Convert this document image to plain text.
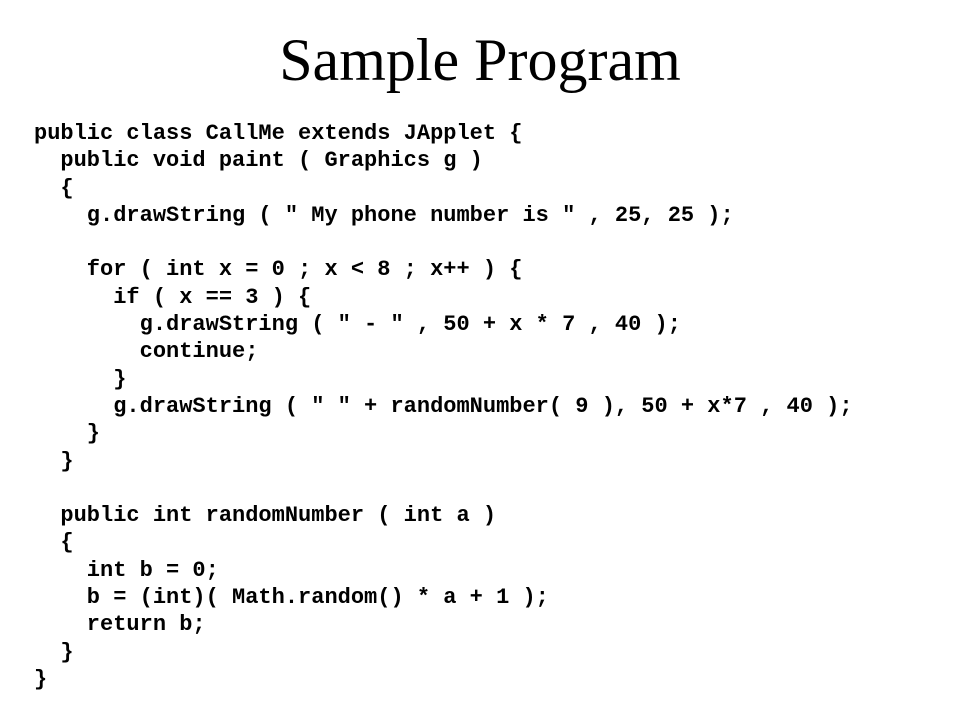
Sample Program
public class CallMe extends JApplet {
public void paint ( Graphics g )
{
g.drawString ( " My phone number is " , 25, 25 );
for ( int x = 0 ; x < 8 ; x++ ) {
if ( x == 3 ) {
g.drawString ( " - " , 50 + x * 7 , 40 );
continue;
}
g.drawString ( " " + randomNumber( 9 ), 50 + x*7 , 40 );
}
}
public int randomNumber ( int a )
{
int b = 0;
b = (int)( Math.random() * a + 1 );
return b;
}
}
